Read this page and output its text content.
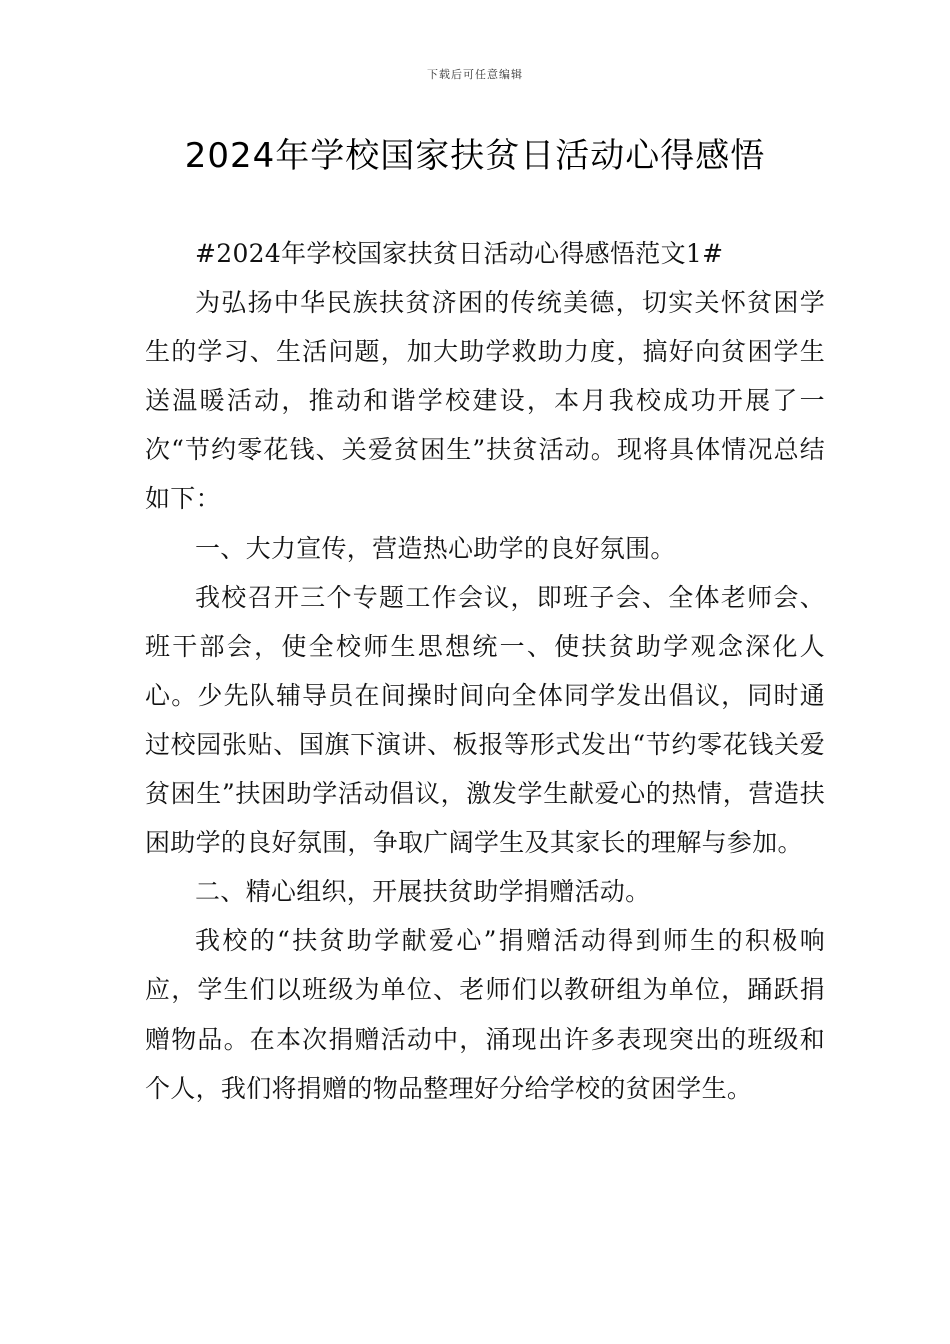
下载后可任意编辑
2024年学校国家扶贫日活动心得感悟

#2024年学校国家扶贫日活动心得感悟范文1#

为弘扬中华民族扶贫济困的传统美德，切实关怀贫困学生的学习、生活问题，加大助学救助力度，搞好向贫困学生送温暖活动，推动和谐学校建设，本月我校成功开展了一次“节约零花钱、关爱贫困生”扶贫活动。现将具体情况总结如下：

一、大力宣传，营造热心助学的良好氛围。

我校召开三个专题工作会议，即班子会、全体老师会、班干部会，使全校师生思想统一、使扶贫助学观念深化人心。少先队辅导员在间操时间向全体同学发出倡议，同时通过校园张贴、国旗下演讲、板报等形式发出“节约零花钱关爱贫困生”扶困助学活动倡议，激发学生献爱心的热情，营造扶困助学的良好氛围，争取广阔学生及其家长的理解与参加。

二、精心组织，开展扶贫助学捐赠活动。

我校的“扶贫助学献爱心”捐赠活动得到师生的积极响应，学生们以班级为单位、老师们以教研组为单位，踊跃捐赠物品。在本次捐赠活动中，涌现出许多表现突出的班级和个人，我们将捐赠的物品整理好分给学校的贫困学生。
